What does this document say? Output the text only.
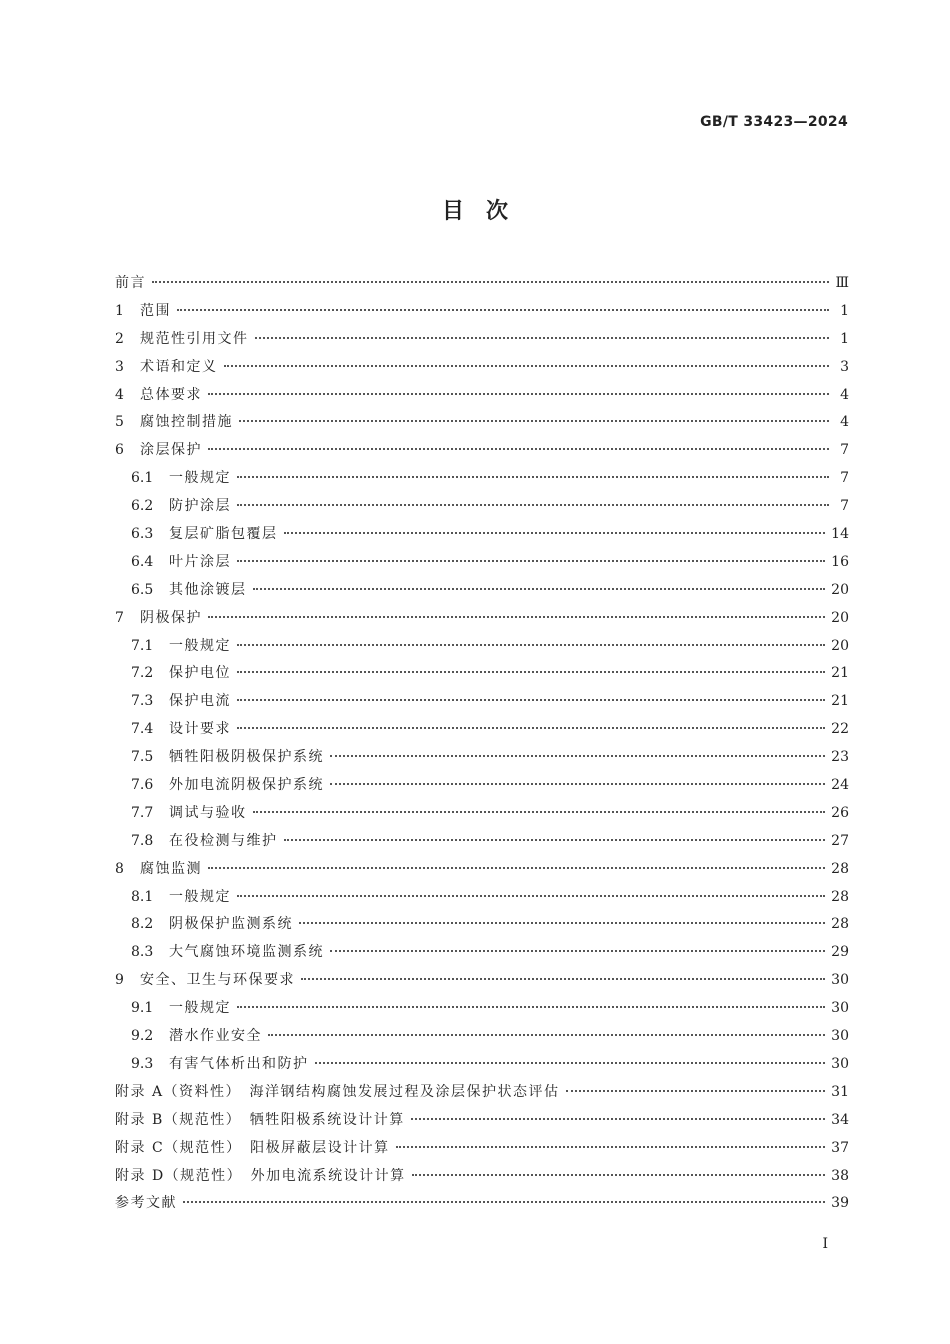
GB/T 33423—2024
目　次
前言	Ⅲ
1	范围	1
2	规范性引用文件	1
3	术语和定义	3
4	总体要求	4
5	腐蚀控制措施	4
6	涂层保护	7
6.1	一般规定	7
6.2	防护涂层	7
6.3	复层矿脂包覆层	14
6.4	叶片涂层	16
6.5	其他涂镀层	20
7	阴极保护	20
7.1	一般规定	20
7.2	保护电位	21
7.3	保护电流	21
7.4	设计要求	22
7.5	牺牲阳极阴极保护系统	23
7.6	外加电流阴极保护系统	24
7.7	调试与验收	26
7.8	在役检测与维护	27
8	腐蚀监测	28
8.1	一般规定	28
8.2	阴极保护监测系统	28
8.3	大气腐蚀环境监测系统	29
9	安全、卫生与环保要求	30
9.1	一般规定	30
9.2	潜水作业安全	30
9.3	有害气体析出和防护	30
附录 A（资料性）　海洋钢结构腐蚀发展过程及涂层保护状态评估	31
附录 B（规范性）　牺牲阳极系统设计计算	34
附录 C（规范性）　阳极屏蔽层设计计算	37
附录 D（规范性）　外加电流系统设计计算	38
参考文献	39
I
